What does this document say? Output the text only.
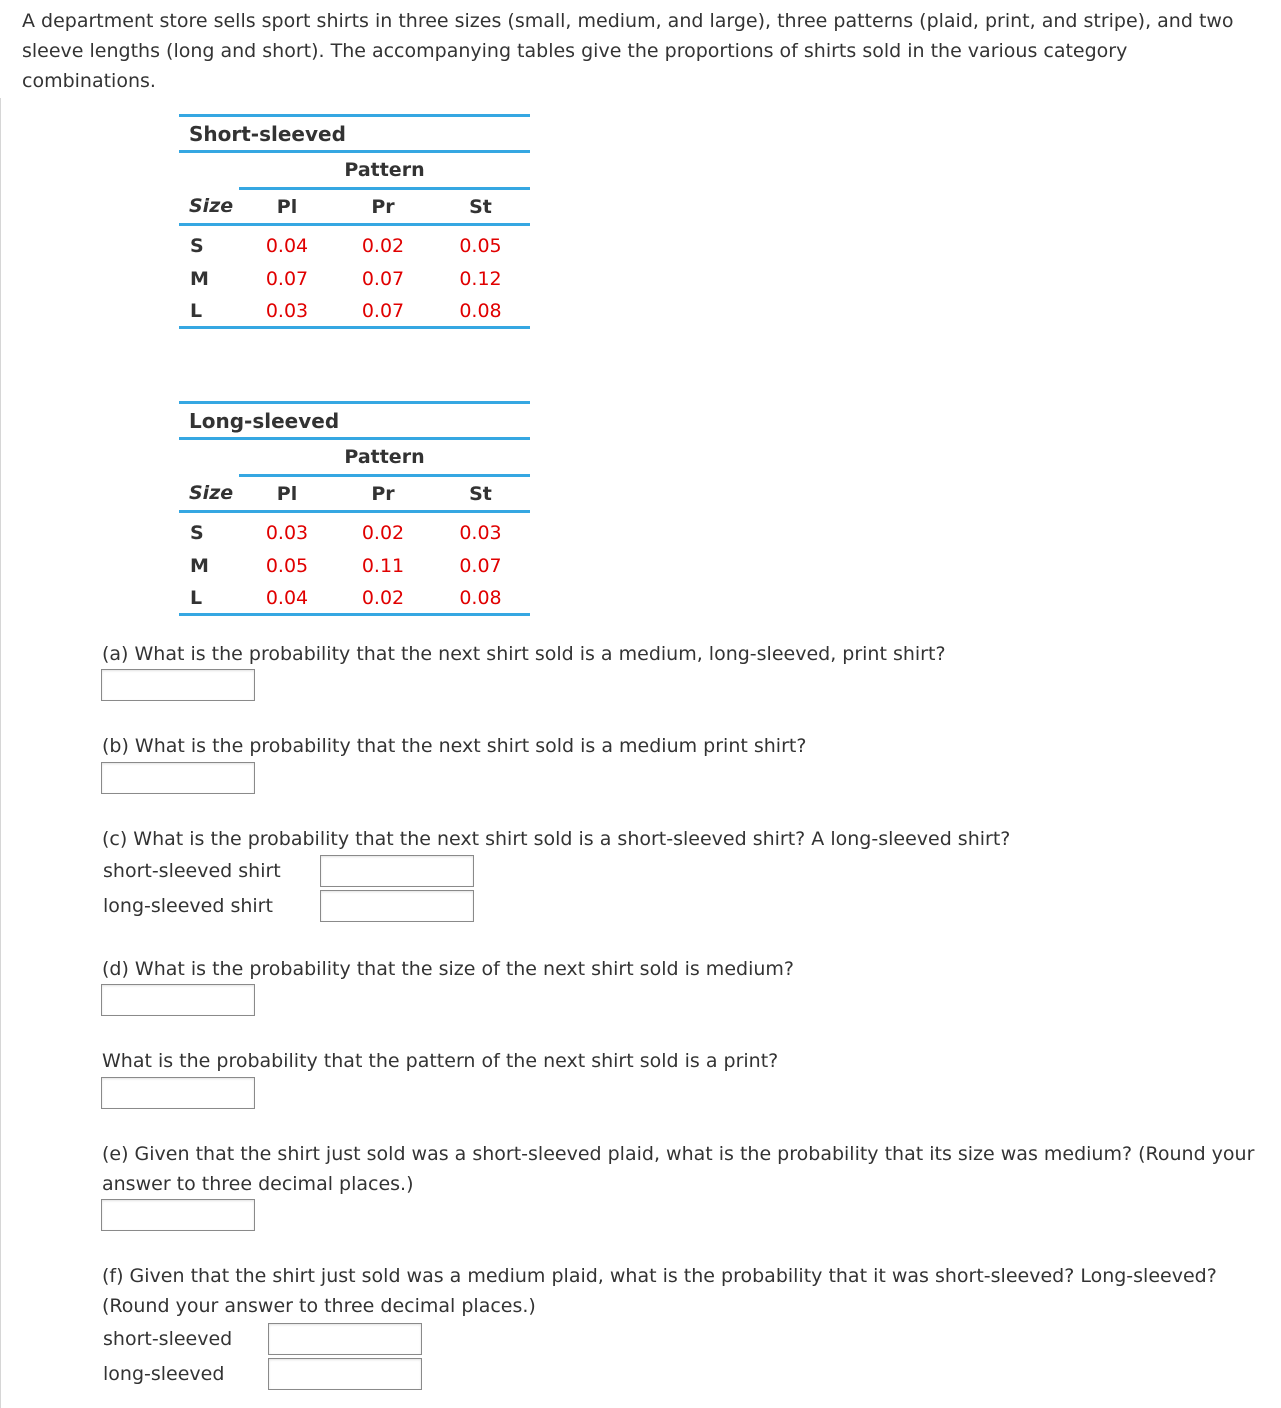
A department store sells sport shirts in three sizes (small, medium, and large), three patterns (plaid, print, and stripe), and two sleeve lengths (long and short). The accompanying tables give the proportions of shirts sold in the various category combinations.

Short-sleeved			
	Pattern		
Size	Pl	Pr	St
S	0.04	0.02	0.05
M	0.07	0.07	0.12
L	0.03	0.07	0.08
Long-sleeved			
	Pattern		
Size	Pl	Pr	St
S	0.03	0.02	0.03
M	0.05	0.11	0.07
L	0.04	0.02	0.08

(a) What is the probability that the next shirt sold is a medium, long-sleeved, print shirt?

(b) What is the probability that the next shirt sold is a medium print shirt?

(c) What is the probability that the next shirt sold is a short-sleeved shirt? A long-sleeved shirt?

short-sleeved shirt
long-sleeved shirt

(d) What is the probability that the size of the next shirt sold is medium?

What is the probability that the pattern of the next shirt sold is a print?

(e) Given that the shirt just sold was a short-sleeved plaid, what is the probability that its size was medium? (Round your answer to three decimal places.)

(f) Given that the shirt just sold was a medium plaid, what is the probability that it was short-sleeved? Long-sleeved? (Round your answer to three decimal places.)

short-sleeved
long-sleeved
